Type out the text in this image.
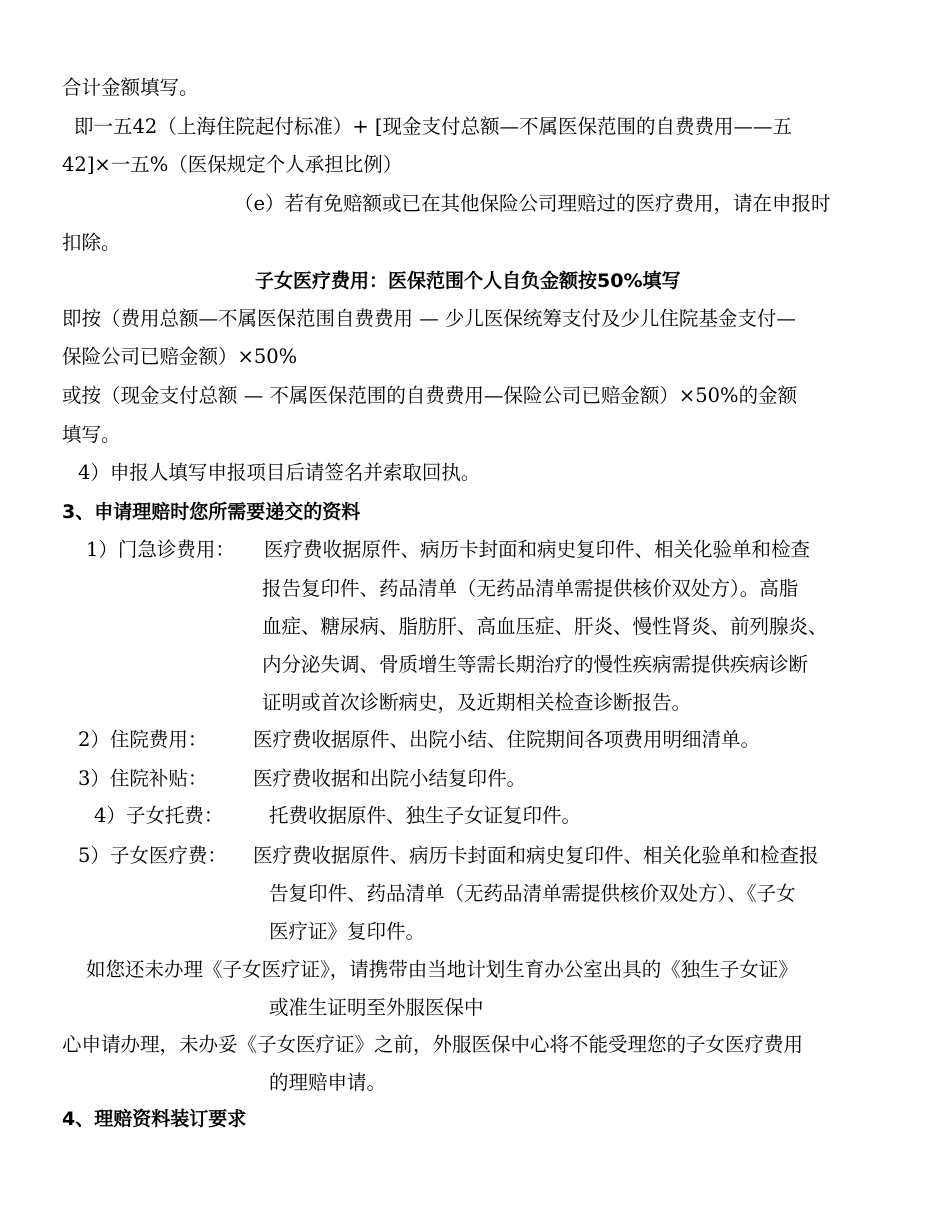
合计金额填写。
即一五42（上海住院起付标准）+ [现金支付总额—不属医保范围的自费费用——五
42]×一五%（医保规定个人承担比例）
（e）若有免赔额或已在其他保险公司理赔过的医疗费用，请在申报时
扣除。
子女医疗费用：医保范围个人自负金额按50%填写
即按（费用总额—不属医保范围自费费用 — 少儿医保统筹支付及少儿住院基金支付—
保险公司已赔金额）×50%
或按（现金支付总额 — 不属医保范围的自费费用—保险公司已赔金额）×50%的金额
填写。
4）申报人填写申报项目后请签名并索取回执。
3、申请理赔时您所需要递交的资料
1）门急诊费用： 医疗费收据原件、病历卡封面和病史复印件、相关化验单和检查
报告复印件、药品清单（无药品清单需提供核价双处方）。高脂
血症、糖尿病、脂肪肝、高血压症、肝炎、慢性肾炎、前列腺炎、
内分泌失调、骨质增生等需长期治疗的慢性疾病需提供疾病诊断
证明或首次诊断病史，及近期相关检查诊断报告。
2）住院费用： 医疗费收据原件、出院小结、住院期间各项费用明细清单。
3）住院补贴： 医疗费收据和出院小结复印件。
4）子女托费： 托费收据原件、独生子女证复印件。
5）子女医疗费： 医疗费收据原件、病历卡封面和病史复印件、相关化验单和检查报
告复印件、药品清单（无药品清单需提供核价双处方）、《子女
医疗证》复印件。
如您还未办理《子女医疗证》，请携带由当地计划生育办公室出具的《独生子女证》
或准生证明至外服医保中
心申请办理，未办妥《子女医疗证》之前，外服医保中心将不能受理您的子女医疗费用
的理赔申请。
4、理赔资料装订要求
